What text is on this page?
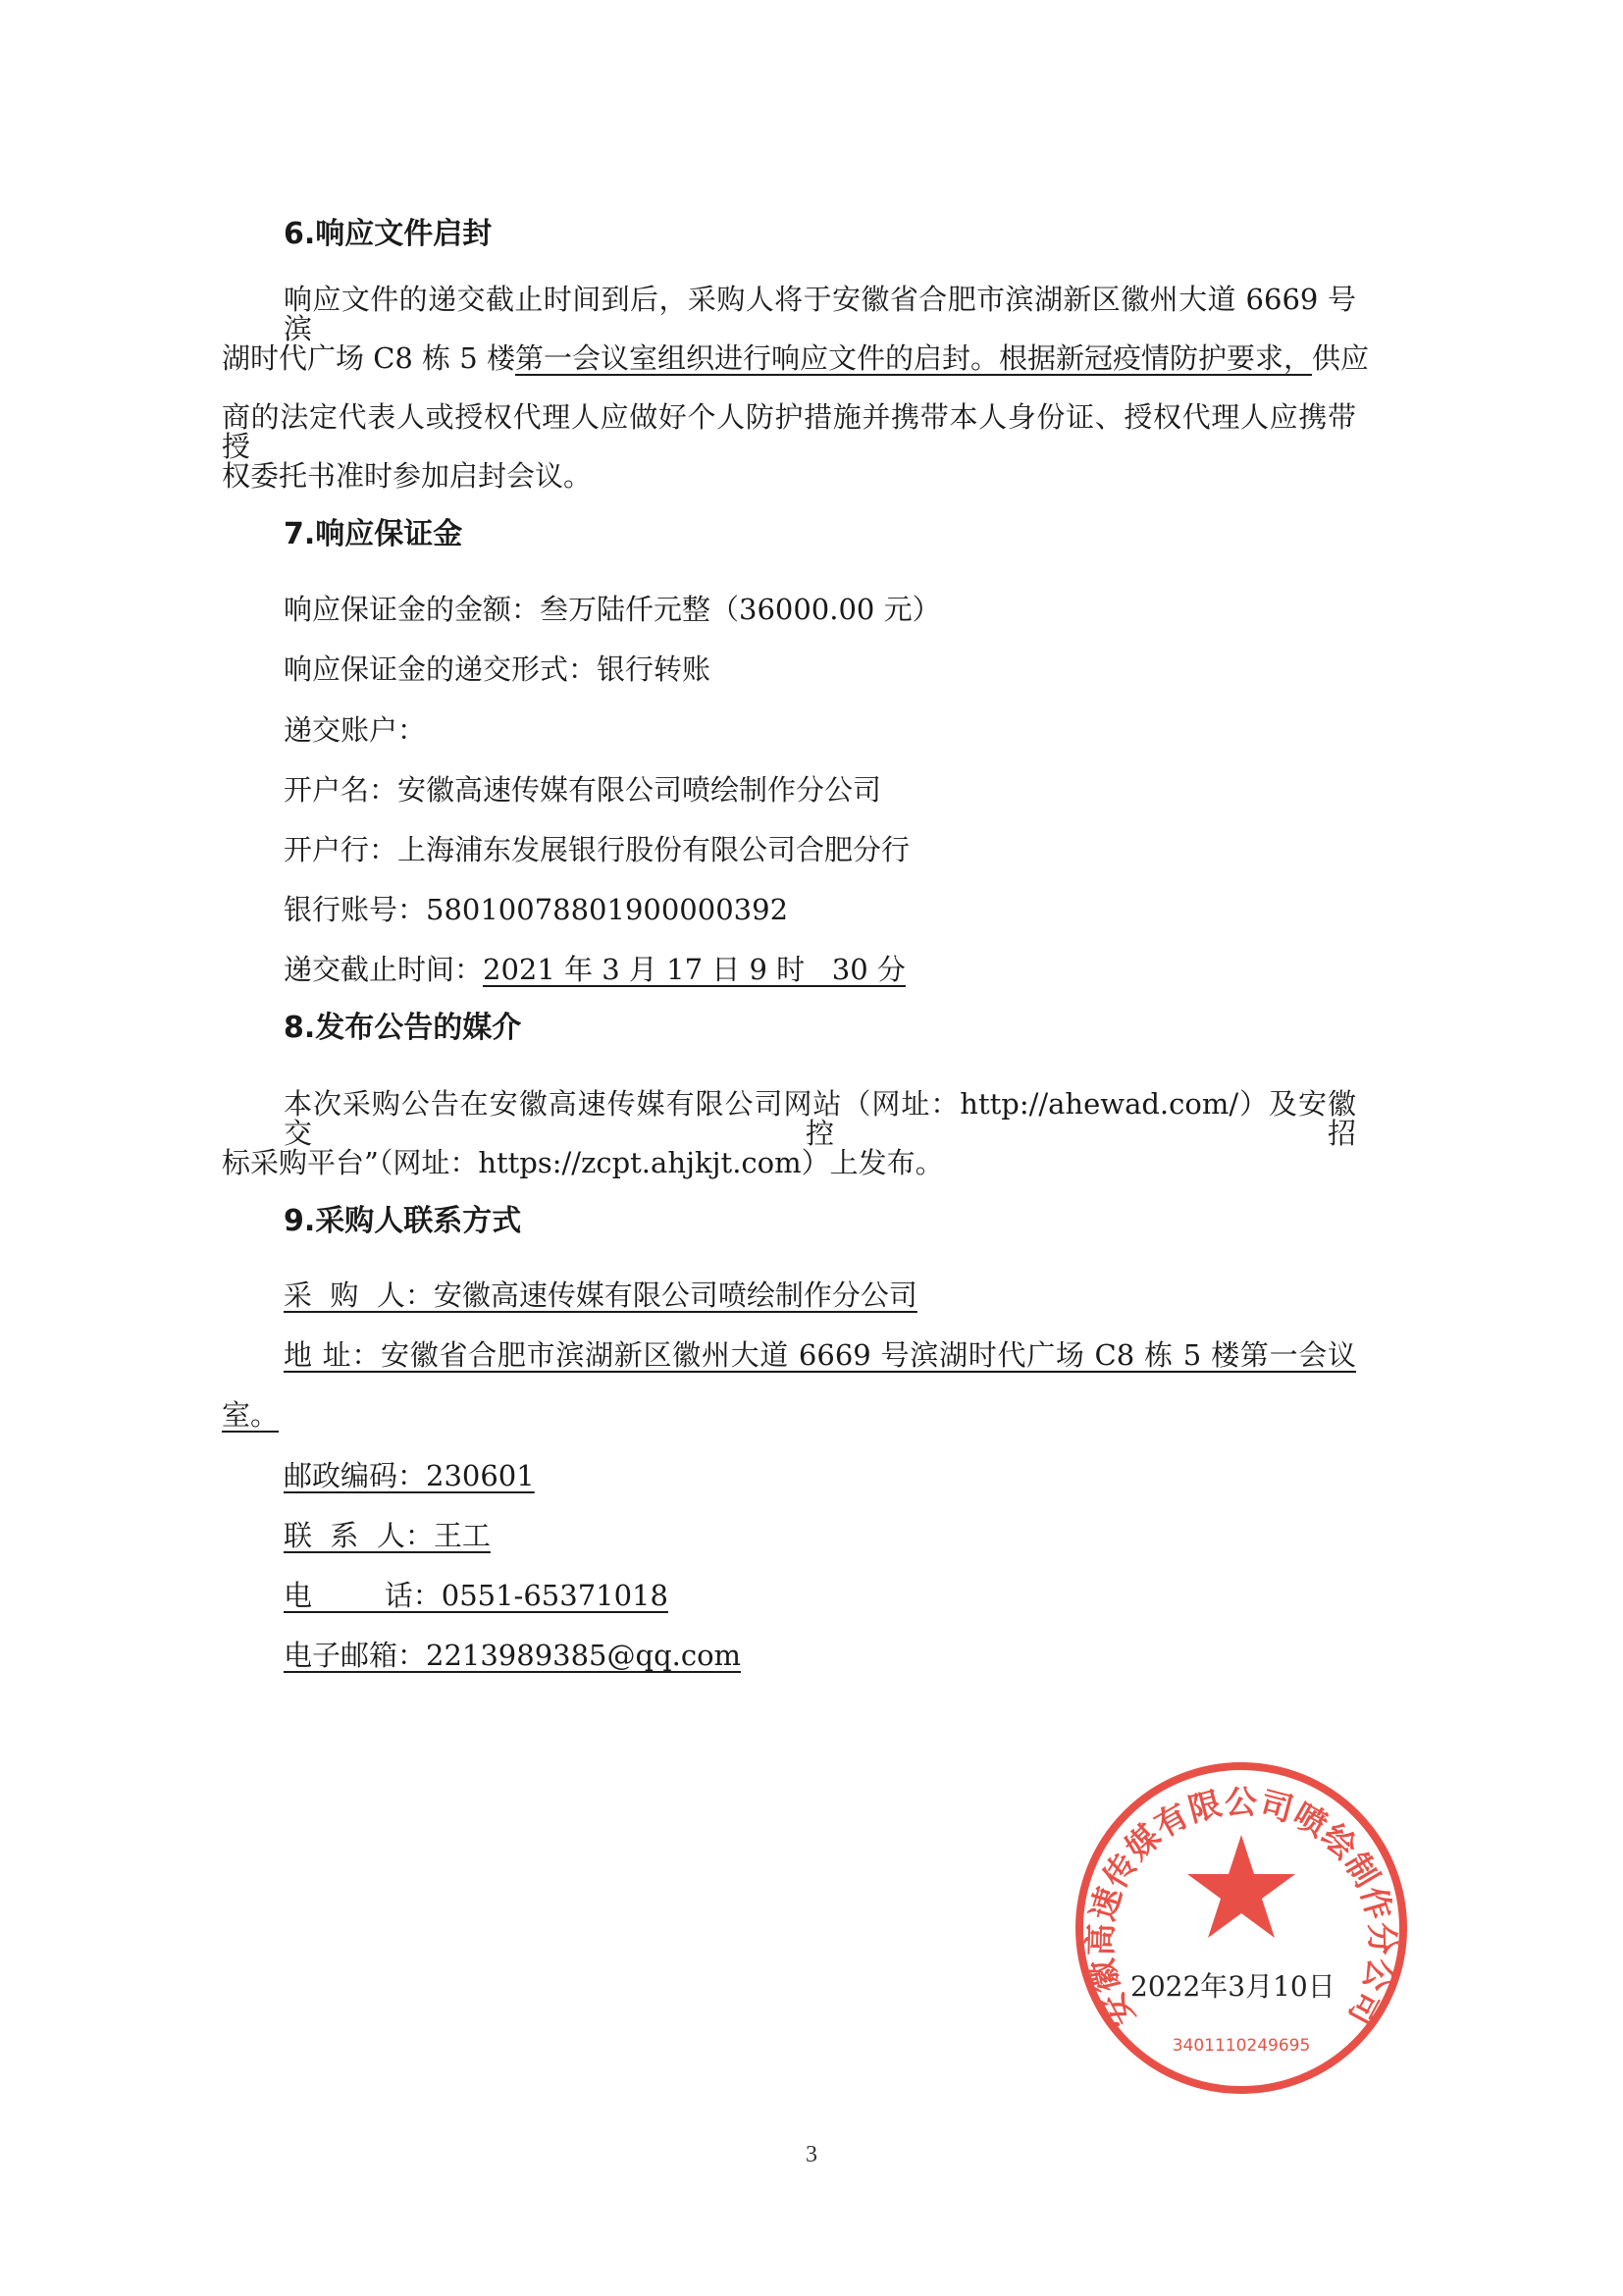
6.响应文件启封
响应文件的递交截止时间到后，采购人将于安徽省合肥市滨湖新区徽州大道 6669 号滨
湖时代广场 C8 栋 5 楼 第一会议室组织进行响应文件的启封。根据新冠疫情防护要求， 供应
商的法定代表人或授权代理人应做好个人防护措施并携带本人身份证、授权代理人应携带授
权委托书准时参加启封会议。
7.响应保证金
响应保证金的金额：叁万陆仟元整（36000.00 元）
响应保证金的递交形式：银行转账
递交账户：
开户名：安徽高速传媒有限公司喷绘制作分公司
开户行：上海浦东发展银行股份有限公司合肥分行
银行账号：58010078801900000392
递交截止时间：2021 年 3 月 17 日 9 时   30 分
8.发布公告的媒介
本次采购公告在安徽高速传媒有限公司网站（网址：http://ahewad.com/）及安徽交控招
标采购平台”（网址：https://zcpt.ahjkjt.com）上发布。
9.采购人联系方式
采  购  人：安徽高速传媒有限公司喷绘制作分公司
地 址：安徽省合肥市滨湖新区徽州大道 6669 号滨湖时代广场 C8 栋 5 楼第一会议
室。
邮政编码：230601
联  系  人：王工
电        话：0551-65371018
电子邮箱：2213989385@qq.com
安徽高速传媒有限公司喷绘制作分公司
3401110249695
2022年3月10日
3
